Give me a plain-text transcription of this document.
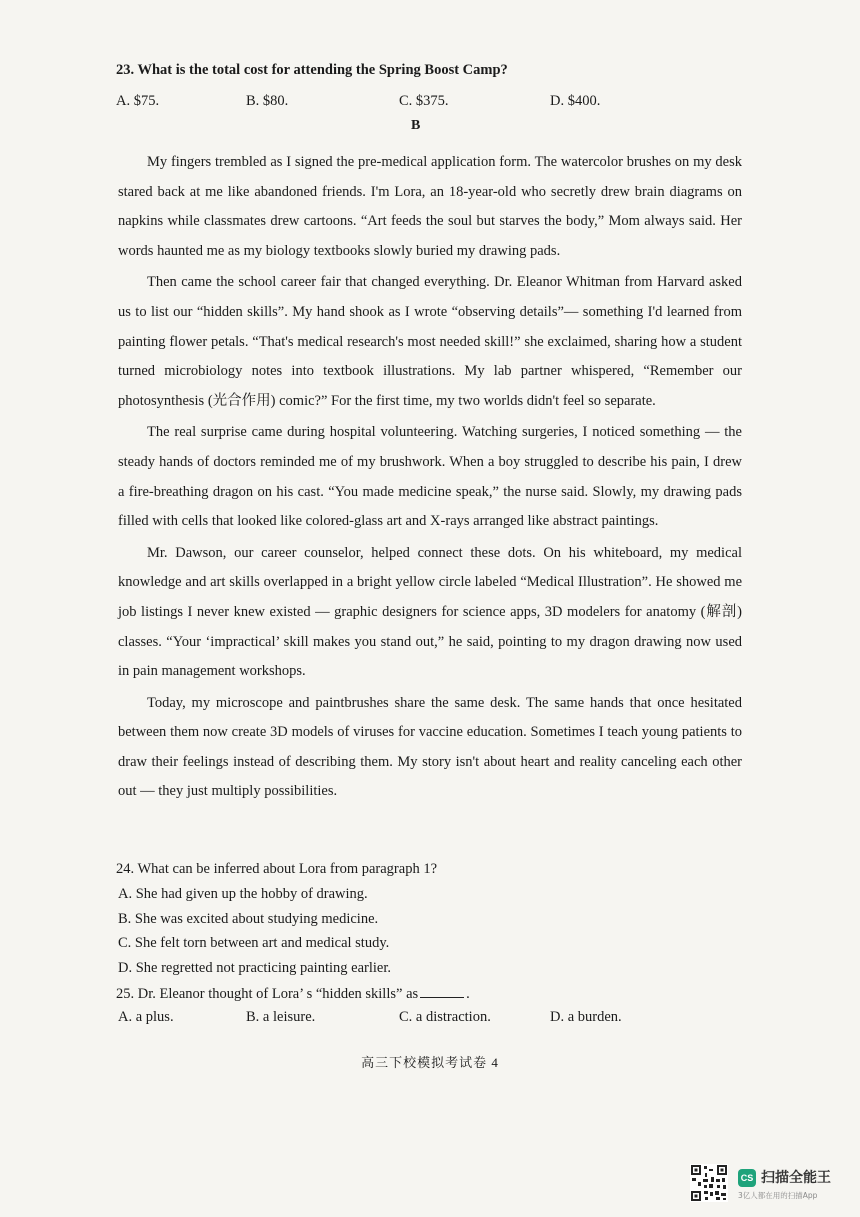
23. What is the total cost for attending the Spring Boost Camp?
A. $75.	B. $80.	C. $375.	D. $400.
B

My fingers trembled as I signed the pre-medical application form. The watercolor brushes on my desk stared back at me like abandoned friends. I'm Lora, an 18-year-old who secretly drew brain diagrams on napkins while classmates drew cartoons. “Art feeds the soul but starves the body,” Mom always said. Her words haunted me as my biology textbooks slowly buried my drawing pads.

Then came the school career fair that changed everything. Dr. Eleanor Whitman from Harvard asked us to list our “hidden skills”. My hand shook as I wrote “observing details”— something I'd learned from painting flower petals. “That's medical research's most needed skill!” she exclaimed, sharing how a student turned microbiology notes into textbook illustrations. My lab partner whispered, “Remember our photosynthesis (光合作用) comic?” For the first time, my two worlds didn't feel so separate.

The real surprise came during hospital volunteering. Watching surgeries, I noticed something — the steady hands of doctors reminded me of my brushwork. When a boy struggled to describe his pain, I drew a fire-breathing dragon on his cast. “You made medicine speak,” the nurse said. Slowly, my drawing pads filled with cells that looked like colored-glass art and X-rays arranged like abstract paintings.

Mr. Dawson, our career counselor, helped connect these dots. On his whiteboard, my medical knowledge and art skills overlapped in a bright yellow circle labeled “Medical Illustration”. He showed me job listings I never knew existed — graphic designers for science apps, 3D modelers for anatomy (解剖) classes. “Your ‘impractical’ skill makes you stand out,” he said, pointing to my dragon drawing now used in pain management workshops.

Today, my microscope and paintbrushes share the same desk. The same hands that once hesitated between them now create 3D models of viruses for vaccine education. Sometimes I teach young patients to draw their feelings instead of describing them. My story isn't about heart and reality canceling each other out — they just multiply possibilities.

24. What can be inferred about Lora from paragraph 1?
A. She had given up the hobby of drawing.
B. She was excited about studying medicine.
C. She felt torn between art and medical study.
D. She regretted not practicing painting earlier.
25. Dr. Eleanor thought of Lora’ s “hidden skills” as	.
A. a plus.	B. a leisure.	C. a distraction.	D. a burden.
高三下校模拟考试卷 4
CS 扫描全能王
3亿人都在用的扫描App
